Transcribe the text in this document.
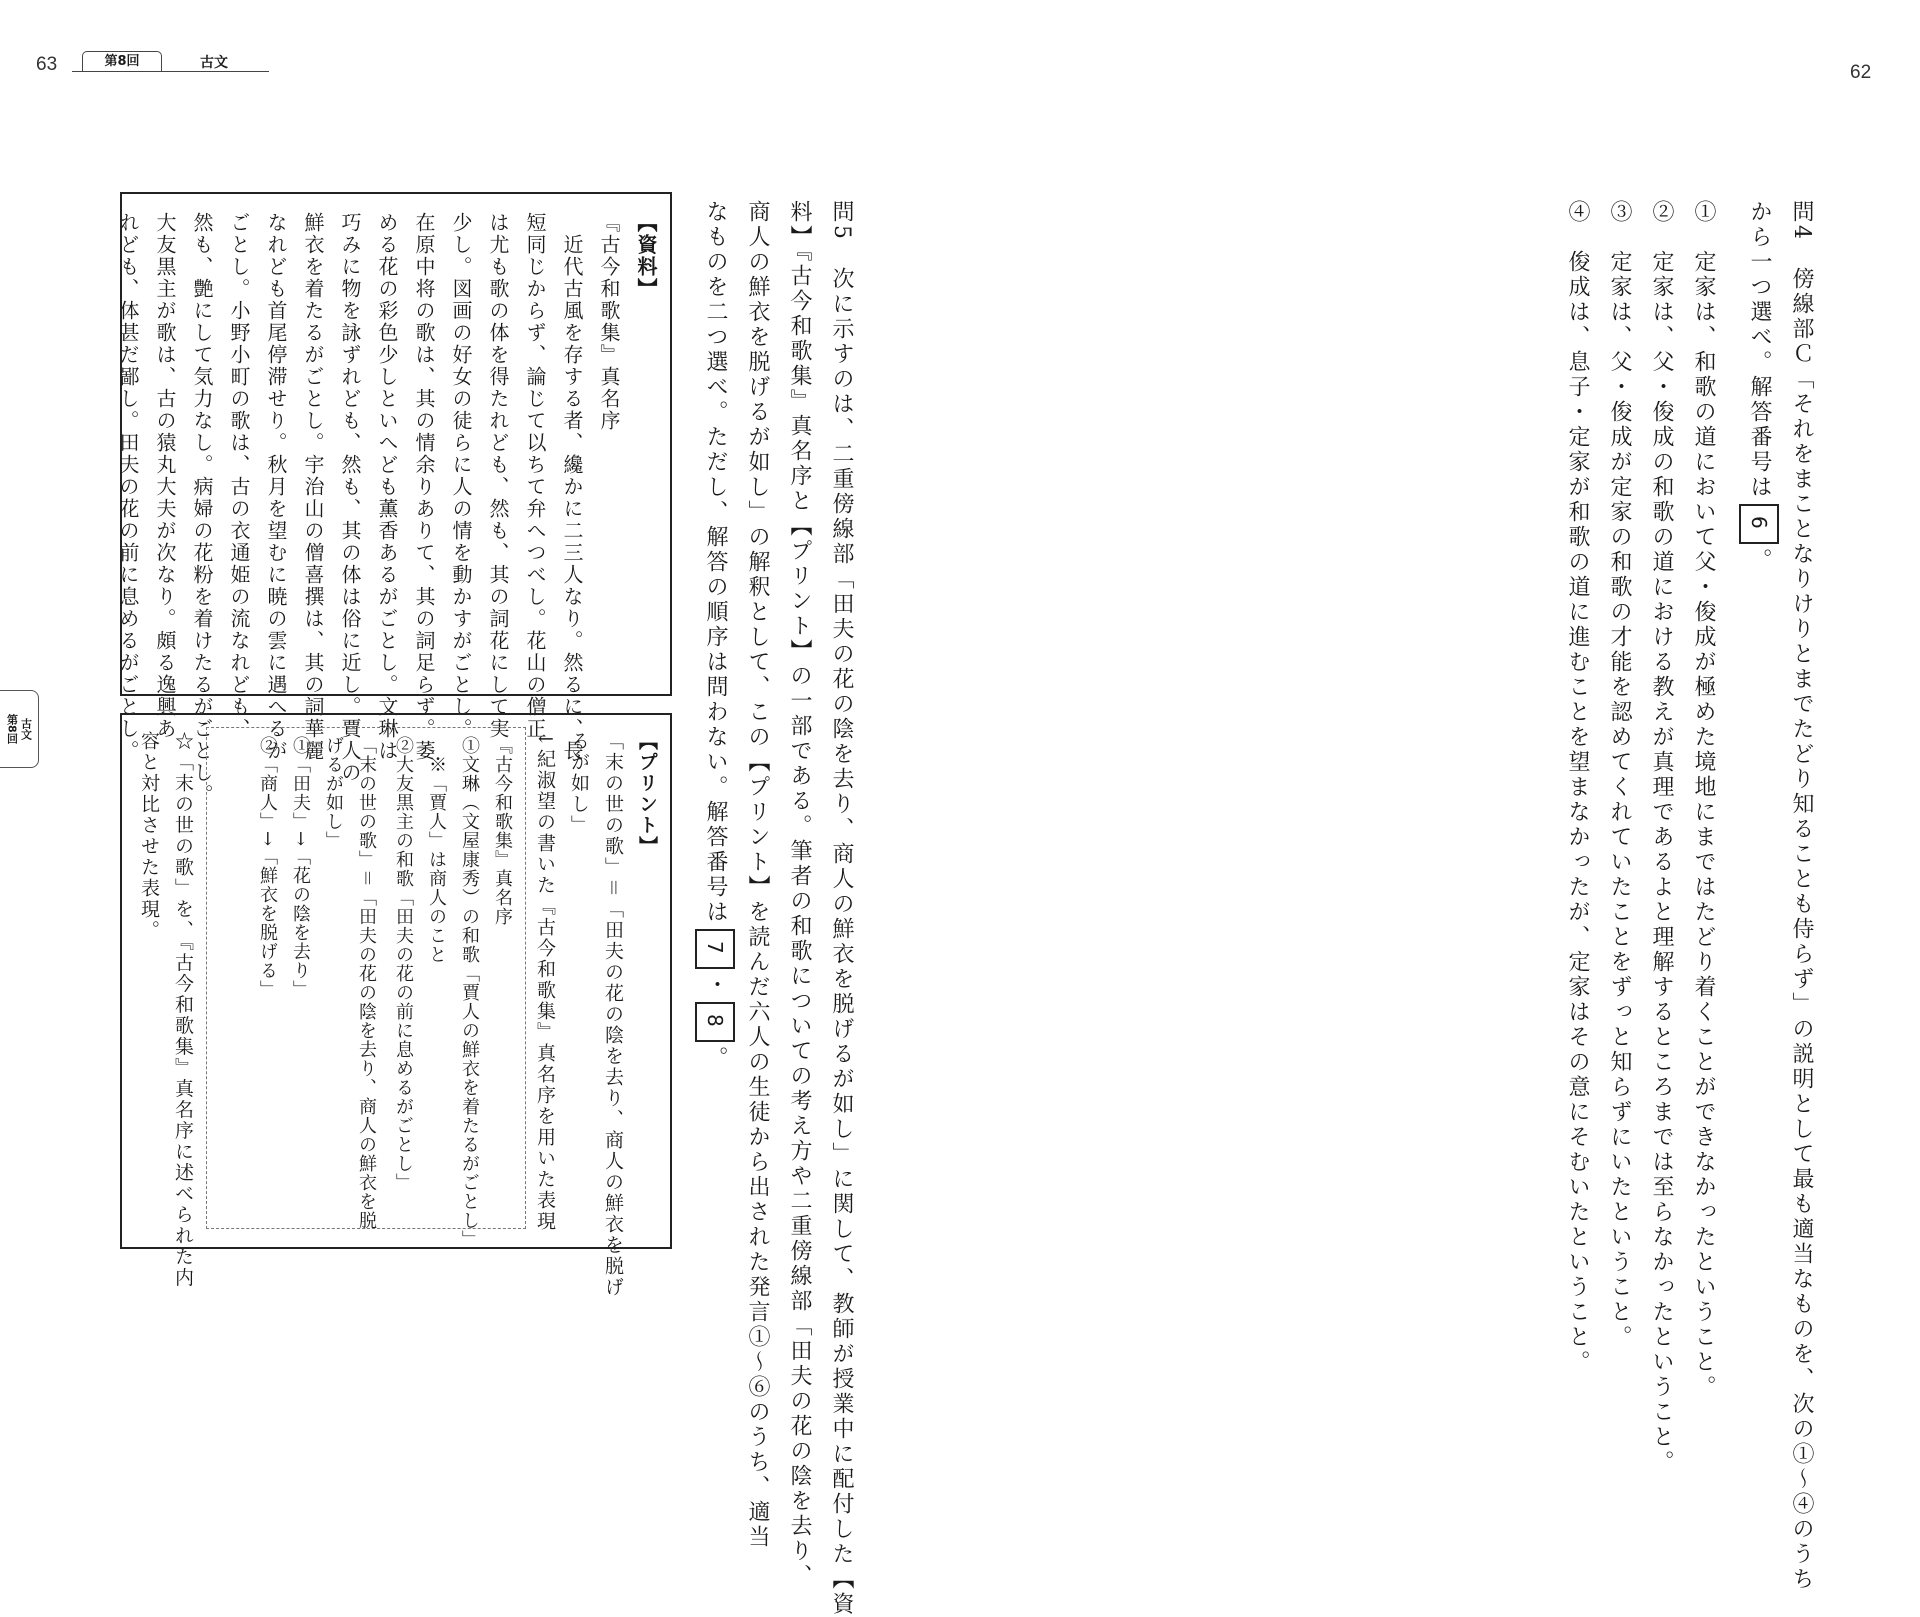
63	62
第8回	古文
古文
第8回	問4　傍線部Ｃ「それをまことなりけりとまでたどり知ることも侍らず」の説明として最も適当なものを、次の①〜④のうち
から一つ選べ。解答番号は6。
①　定家は、和歌の道において父・俊成が極めた境地にまではたどり着くことができなかったということ。
②　定家は、父・俊成の和歌の道における教えが真理であるよと理解するところまでは至らなかったということ。
③　定家は、父・俊成が定家の和歌の才能を認めてくれていたことをずっと知らずにいたということ。
④　俊成は、息子・定家が和歌の道に進むことを望まなかったが、定家はその意にそむいたということ。
問5　次に示すのは、二重傍線部「田夫の花の陰を去り、商人の鮮衣を脱げるが如し」に関して、教師が授業中に配付した【資
料】『古今和歌集』真名序と【プリント】の一部である。筆者の和歌についての考え方や二重傍線部「田夫の花の陰を去り、
商人の鮮衣を脱げるが如し」の解釈として、この【プリント】を読んだ六人の生徒から出された発言①〜⑥のうち、適当
なものを二つ選べ。ただし、解答の順序は問わない。解答番号は7・8。
【資料】
『古今和歌集』真名序
　近代古風を存する者、纔かに二三人なり。然るに、長
短同じからず、論じて以ちて弁へつべし。花山の僧正
は尤も歌の体を得たれども、然も、其の詞花にして実
少し。図画の好女の徒らに人の情を動かすがごとし。
在原中将の歌は、其の情余りありて、其の詞足らず。萎
める花の彩色少しといへども薫香あるがごとし。文琳は
巧みに物を詠ずれども、然も、其の体は俗に近し。賈人の
鮮衣を着たるがごとし。宇治山の僧喜撰は、其の詞華麗
なれども首尾停滞せり。秋月を望むに暁の雲に遇へるが
ごとし。小野小町の歌は、古の衣通姫の流なれども、
然も、艶にして気力なし。病婦の花粉を着けたるがごとし。
大友黒主が歌は、古の猿丸大夫が次なり。頗る逸興あ
れども、体甚だ鄙し。田夫の花の前に息めるがごとし。
【プリント】
「末の世の歌」＝「田夫の花の陰を去り、商人の鮮衣を脱げ
るが如し」
↓紀淑望の書いた『古今和歌集』真名序を用いた表現
『古今和歌集』真名序
①文琳（文屋康秀）の和歌「賈人の鮮衣を着たるがごとし」
　※「賈人」は商人のこと
②大友黒主の和歌「田夫の花の前に息めるがごとし」
「末の世の歌」＝「田夫の花の陰を去り、商人の鮮衣を脱
げるが如し」
①「田夫」→「花の陰を去り」
②「商人」→「鮮衣を脱げる」
☆「末の世の歌」を、『古今和歌集』真名序に述べられた内
容と対比させた表現。
